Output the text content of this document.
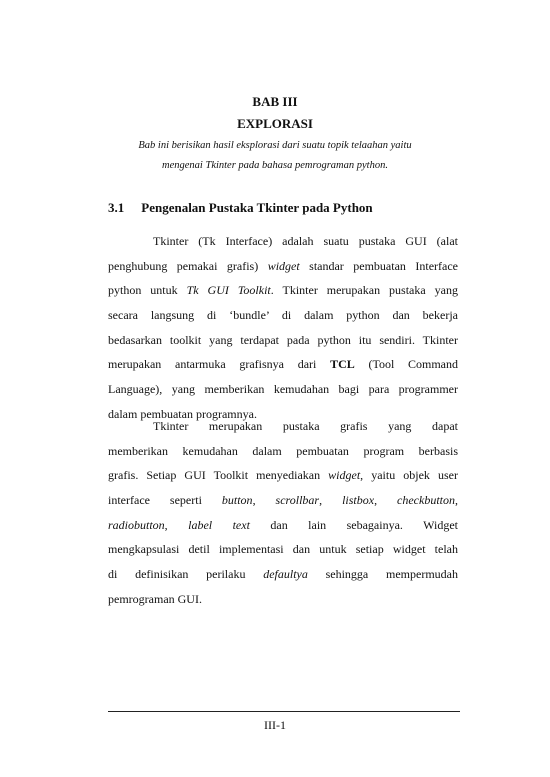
BAB III
EXPLORASI
Bab ini berisikan hasil eksplorasi dari suatu topik telaahan yaitu
mengenai Tkinter pada bahasa pemrograman python.
3.1 Pengenalan Pustaka Tkinter pada Python
Tkinter (Tk Interface) adalah suatu pustaka GUI (alat
penghubung pemakai grafis) widget standar pembuatan Interface
python untuk Tk GUI Toolkit. Tkinter merupakan pustaka yang
secara langsung di ‘bundle’ di dalam python dan bekerja
bedasarkan toolkit yang terdapat pada python itu sendiri. Tkinter
merupakan antarmuka grafisnya dari TCL (Tool Command
Language), yang memberikan kemudahan bagi para programmer
dalam pembuatan programnya.
Tkinter merupakan pustaka grafis yang dapat
memberikan kemudahan dalam pembuatan program berbasis
grafis. Setiap GUI Toolkit menyediakan widget, yaitu objek user
interface seperti button, scrollbar, listbox, checkbutton,
radiobutton, label text dan lain sebagainya. Widget
mengkapsulasi detil implementasi dan untuk setiap widget telah
di definisikan perilaku defaultya sehingga mempermudah
pemrograman GUI.
III-1
